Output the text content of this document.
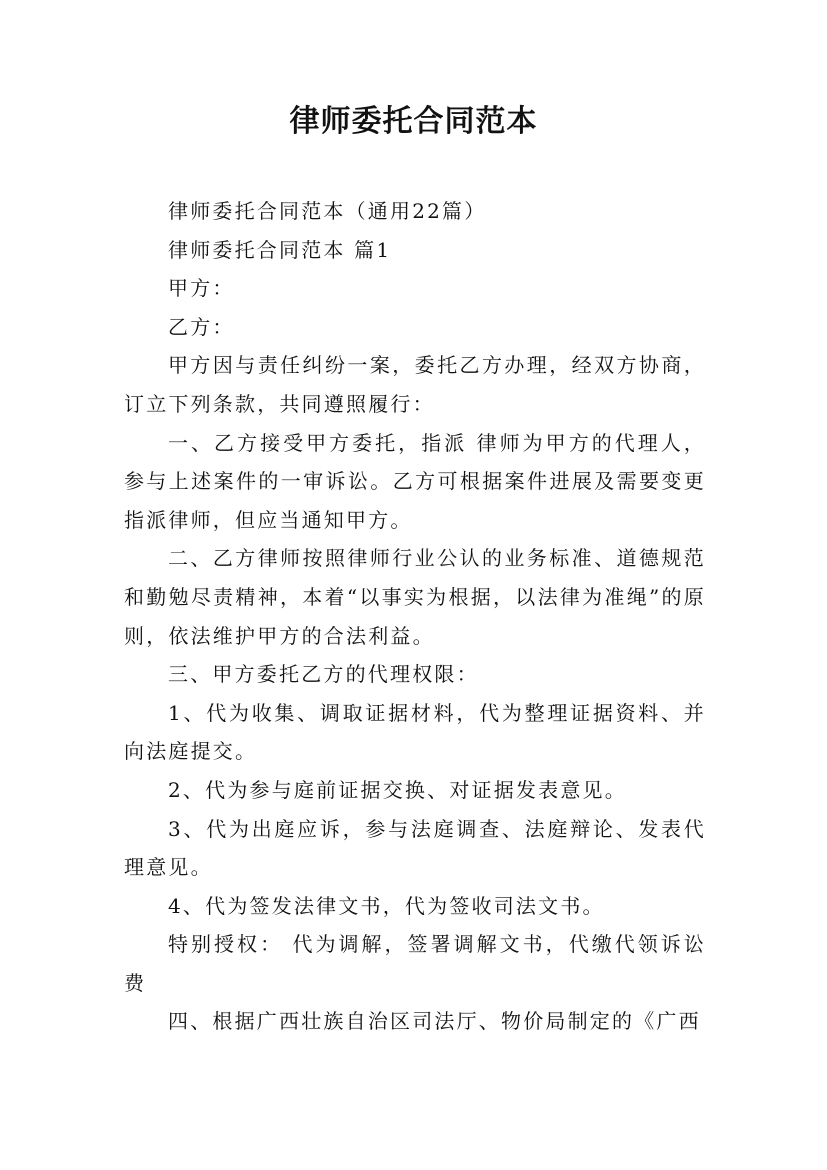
律师委托合同范本

律师委托合同范本（通用22篇）

律师委托合同范本 篇1

甲方：

乙方：

甲方因与责任纠纷一案，委托乙方办理，经双方协商，订立下列条款，共同遵照履行：

一、乙方接受甲方委托，指派 律师为甲方的代理人，参与上述案件的一审诉讼。乙方可根据案件进展及需要变更指派律师，但应当通知甲方。

二、乙方律师按照律师行业公认的业务标准、道德规范和勤勉尽责精神，本着“以事实为根据，以法律为准绳”的原则，依法维护甲方的合法利益。

三、甲方委托乙方的代理权限：

1、代为收集、调取证据材料，代为整理证据资料、并向法庭提交。

2、代为参与庭前证据交换、对证据发表意见。

3、代为出庭应诉，参与法庭调查、法庭辩论、发表代理意见。

4、代为签发法律文书，代为签收司法文书。

特别授权： 代为调解，签署调解文书，代缴代领诉讼费

四、根据广西壮族自治区司法厅、物价局制定的《广西
